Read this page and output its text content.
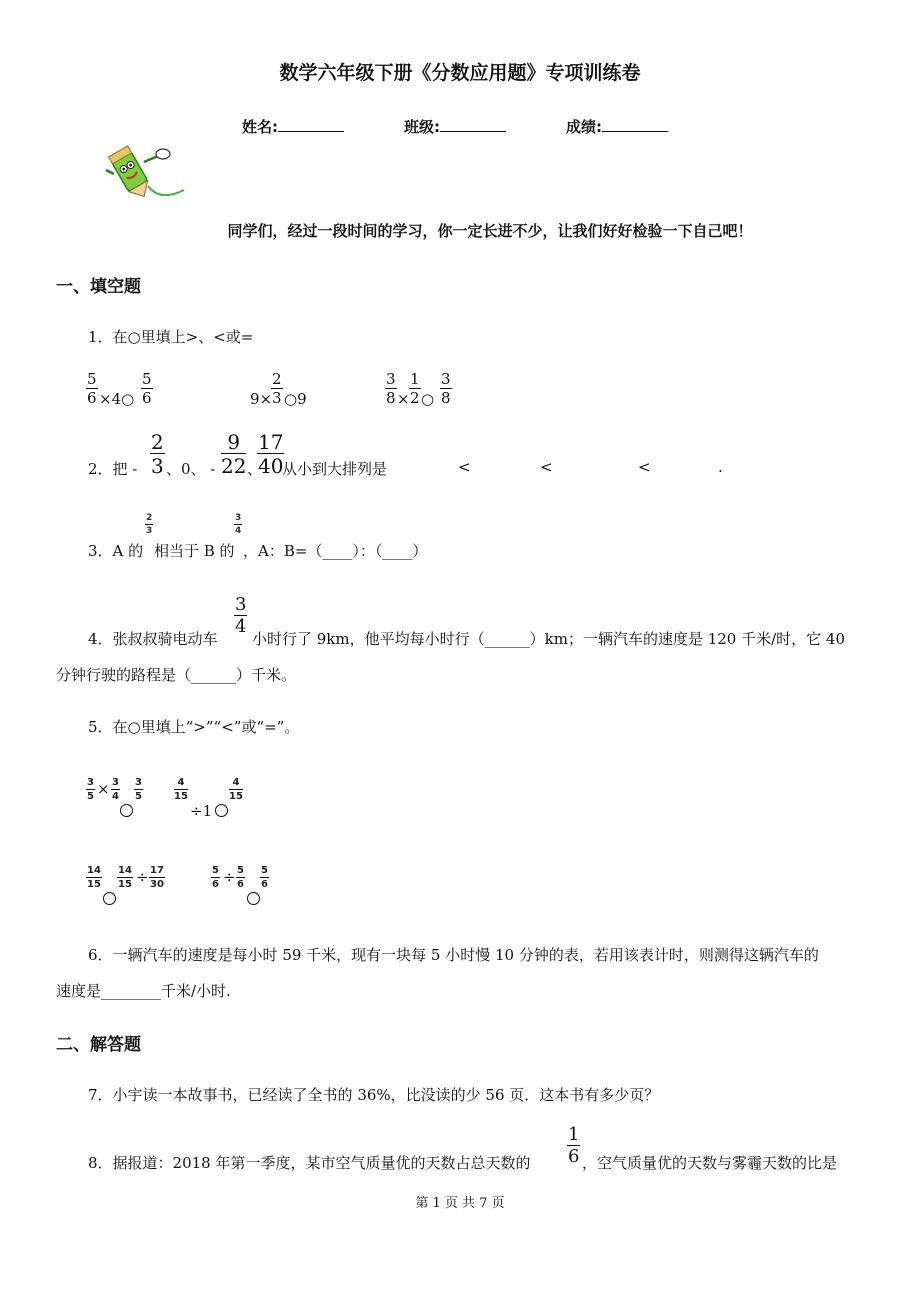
数学六年级下册《分数应用题》专项训练卷
姓名:	班级:	成绩:
同学们，经过一段时间的学习，你一定长进不少，让我们好好检验一下自己吧！
一、填空题
1．在○里填上>、<或=
$\frac{5}{6}$ ×4○ $\frac{5}{6}$	9×
$\frac{2}{3}$ ○9	$\frac{3}{8} \times \frac{1}{2}$ ○ $\frac{3}{8}$
2．把 - $\frac{2}{3}$ 、0、 - $\frac{9}{22}$ 、
$\frac{17}{40}$
从小到大排列是	<	<	<	.
3．A 的
$\frac{2}{3}$
相当于 B 的
$\frac{3}{4}$
，A：B=（____）：（____）
4．张叔叔骑电动车
$\frac{3}{4}$
小时行了 9km，他平均每小时行（______）km；一辆汽车的速度是 120 千米/时，它 40
分钟行驶的路程是（______）千米。
5．在○里填上“>”“<”或“=”。
$\frac{3}{5} \times \frac{3}{4} \frac{3}{5}$	$\frac{4}{15}$
÷1
$\frac{4}{15}$
$\frac{14}{15} \frac{14}{15} \div \frac{17}{30}$	$\frac{5}{6} \div \frac{5}{6} \frac{5}{6}$
6．一辆汽车的速度是每小时 59 千米，现有一块每 5 小时慢 10 分钟的表，若用该表计时，则测得这辆汽车的
速度是________千米/小时.
二、解答题
7．小宇读一本故事书，已经读了全书的 36%，比没读的少 56 页．这本书有多少页？
8．据报道：2018 年第一季度，某市空气质量优的天数占总天数的 $\frac{1}{6}$ ，空气质量优的天数与雾霾天数的比是
第 1 页 共 7 页
